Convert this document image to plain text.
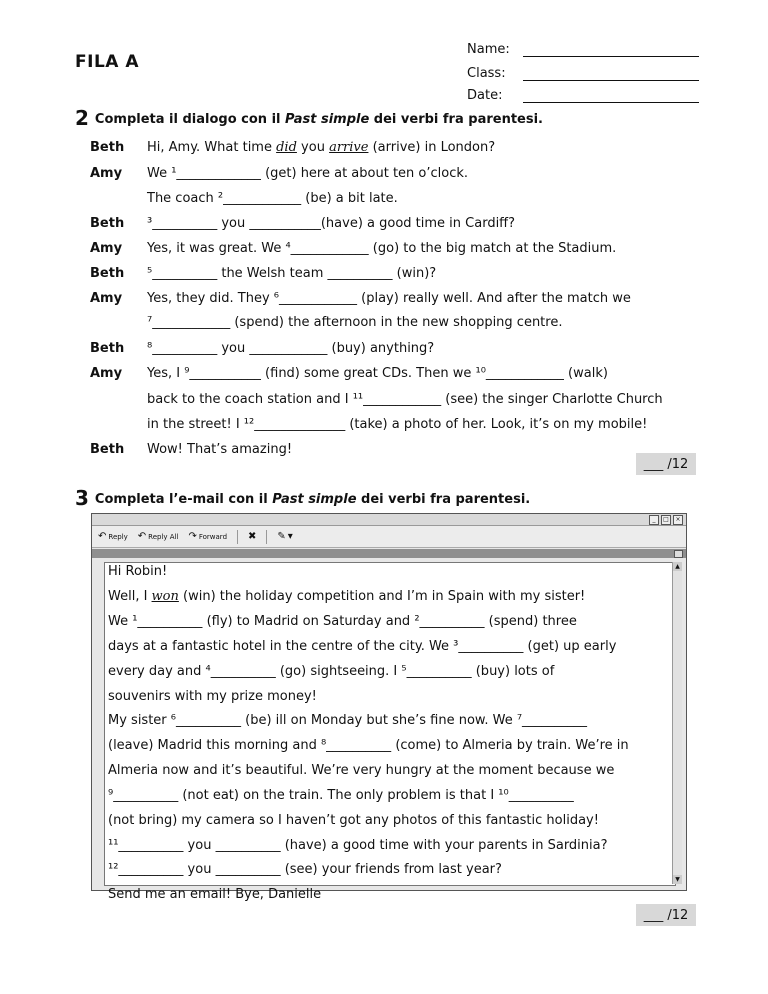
FILA A
Name:
Class:
Date:
2 Completa il dialogo con il Past simple dei verbi fra parentesi.
Beth Hi, Amy. What time did you arrive (arrive) in London?
Amy We ¹_____________ (get) here at about ten o’clock.
The coach ²____________ (be) a bit late.
Beth ³__________ you ___________(have) a good time in Cardiff?
Amy Yes, it was great. We ⁴____________ (go) to the big match at the Stadium.
Beth ⁵__________ the Welsh team __________ (win)?
Amy Yes, they did. They ⁶____________ (play) really well. And after the match we
⁷____________ (spend) the afternoon in the new shopping centre.
Beth ⁸__________ you ____________ (buy) anything?
Amy Yes, I ⁹___________ (find) some great CDs. Then we ¹⁰____________ (walk)
back to the coach station and I ¹¹____________ (see) the singer Charlotte Church
in the street! I ¹²______________ (take) a photo of her. Look, it’s on my mobile!
Beth Wow! That’s amazing!
___ /12
3 Completa l’e-mail con il Past simple dei verbi fra parentesi.
_	□	×
↶ Reply ↶ Reply All ↷ Forward ✖ ✎ ▾
▲
▼
Hi Robin!
Well, I won (win) the holiday competition and I’m in Spain with my sister!
We ¹__________ (fly) to Madrid on Saturday and ²__________ (spend) three
days at a fantastic hotel in the centre of the city. We ³__________ (get) up early
every day and ⁴__________ (go) sightseeing. I ⁵__________ (buy) lots of
souvenirs with my prize money!
My sister ⁶__________ (be) ill on Monday but she’s fine now. We ⁷__________
(leave) Madrid this morning and ⁸__________ (come) to Almeria by train. We’re in
Almeria now and it’s beautiful. We’re very hungry at the moment because we
⁹__________ (not eat) on the train. The only problem is that I ¹⁰__________
(not bring) my camera so I haven’t got any photos of this fantastic holiday!
¹¹__________ you __________ (have) a good time with your parents in Sardinia?
¹²__________ you __________ (see) your friends from last year?
Send me an email! Bye, Danielle
___ /12
